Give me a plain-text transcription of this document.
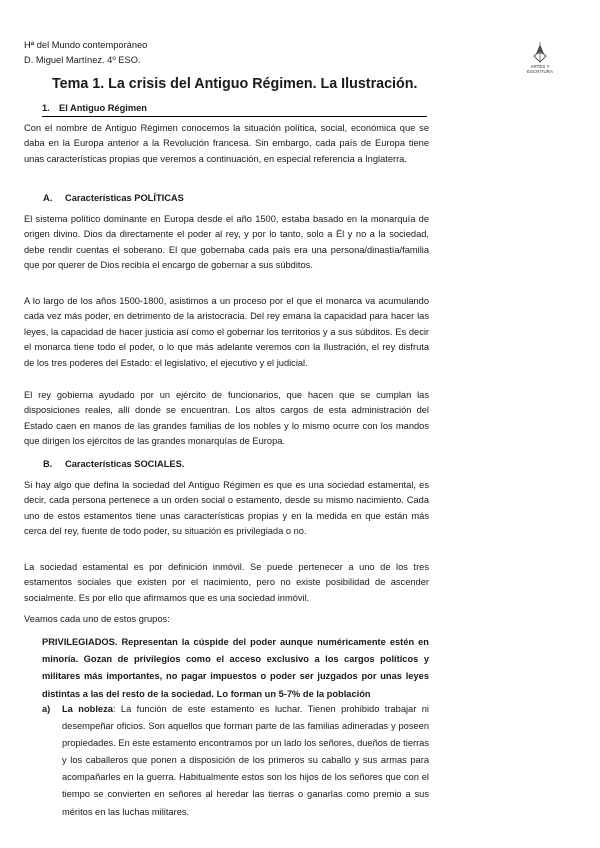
Hª del Mundo contemporáneo
D. Miguel Martínez. 4º ESO.
ARTES Y ESCRITURA
Tema 1. La crisis del Antiguo Régimen. La Ilustración.
1. El Antiguo Régimen

Con el nombre de Antiguo Régimen conocemos la situación política, social, económica que se daba en la Europa anterior a la Revolución francesa. Sin embargo, cada país de Europa tiene unas características propias que veremos a continuación, en especial referencia a Inglaterra.

A. Características POLÍTICAS

El sistema político dominante en Europa desde el año 1500, estaba basado en la monarquía de origen divino. Dios da directamente el poder al rey, y por lo tanto, solo a Él y no a la sociedad, debe rendir cuentas el soberano. El que gobernaba cada país era una persona/dinastía/familia que por querer de Dios recibía el encargo de gobernar a sus súbditos.

A lo largo de los años 1500-1800, asistimos a un proceso por el que el monarca va acumulando cada vez más poder, en detrimento de la aristocracia. Del rey emana la capacidad para hacer las leyes, la capacidad de hacer justicia así como el gobernar los territorios y a sus súbditos. Es decir el monarca tiene todo el poder, o lo que más adelante veremos con la Ilustración, el rey disfruta de los tres poderes del Estado: el legislativo, el ejecutivo y el judicial.

El rey gobierna ayudado por un ejército de funcionarios, que hacen que se cumplan las disposiciones reales, allí donde se encuentran. Los altos cargos de esta administración del Estado caen en manos de las grandes familias de los nobles y lo mismo ocurre con los mandos que dirigen los ejércitos de las grandes monarquías de Europa.

B. Características SOCIALES.

Si hay algo que defina la sociedad del Antiguo Régimen es que es una sociedad estamental, es decir, cada persona pertenece a un orden social o estamento, desde su mismo nacimiento. Cada uno de estos estamentos tiene unas características propias y en la medida en que están más cerca del rey, fuente de todo poder, su situación es privilegiada o no.

La sociedad estamental es por definición inmóvil. Se puede pertenecer a uno de los tres estamentos sociales que existen por el nacimiento, pero no existe posibilidad de ascender socialmente. Es por ello que afirmamos que es una sociedad inmóvil.

Veamos cada uno de estos grupos:

PRIVILEGIADOS. Representan la cúspide del poder aunque numéricamente estén en minoría. Gozan de privilegios como el acceso exclusivo a los cargos políticos y militares más importantes, no pagar impuestos o poder ser juzgados por unas leyes distintas a las del resto de la sociedad. Lo forman un 5-7% de la población

a) La nobleza: La función de este estamento es luchar. Tienen prohibido trabajar ni desempeñar oficios. Son aquellos que forman parte de las familias adineradas y poseen propiedades. En este estamento encontramos por un lado los señores, dueños de tierras y los caballeros que ponen a disposición de los primeros su caballo y sus armas para acompañarles en la guerra. Habitualmente estos son los hijos de los señores que con el tiempo se convierten en señores al heredar las tierras o ganarlas como premio a sus méritos en las luchas militares.
